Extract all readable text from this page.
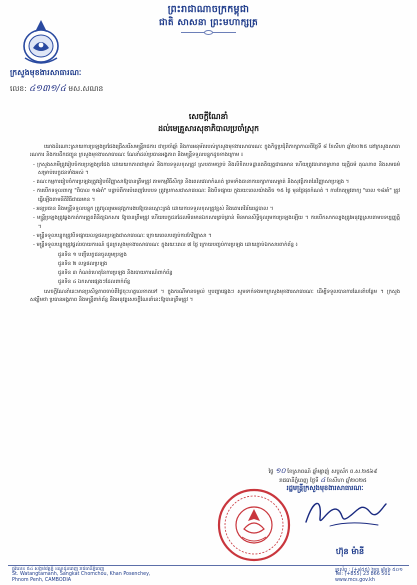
ព្រះរាជាណាចក្រកម្ពុជា
ជាតិ សាសនា ព្រះមហាក្សត្រ
ក្រសួងមុខងារសាធារណៈ
លេខ: ៤១៣១/៤ មស.សណន
សេចក្តីណែនាំ
ដល់មេគ្រួសារសុខាភិបាលប្រចាំស្រុក

យោងដំណោះស្រាយការប្រឡងប្រជែងជ្រើសរើសមន្ត្រីរាជការ ជាប្រចាំឆ្នាំ និងការអនុម័តរបស់ក្រសួងមុខងារសាធារណៈ ក្នុងកិច្ចប្រជុំពិភាក្សាកាលពីថ្ងៃទី ៨ ខែសីហា ឆ្នាំ២០២៥ នៅក្រសួងសាធារណការ និងការដឹកជញ្ជូន ក្រសួងមុខងារសាធារណៈ ណែនាំដល់ប្រធានអង្គភាព និងមន្ត្រីទទួលបន្ទុកដូចខាងក្រោម ៖

- ក្រសួងសាមីត្រូវរៀបចំការប្រឡងប្រជែង ដោយយកភាពជាម្ចាស់ និងការទទួលខុសត្រូវ ស្របតាមច្បាប់ និងលិខិតបទដ្ឋានគតិយុត្តជាធរមាន ហើយត្រូវធានាតម្លាភាព យុត្តិធម៌ គុណភាព និងសមធម៌ សម្រាប់បេក្ខជនទាំងអស់ ។

- គណៈកម្មការរៀបចំការប្រឡងត្រូវរៀបចំវិញ្ញាសាឱ្យបានត្រឹមត្រូវ តាមកម្មវិធីសិក្សា និងពេលវេលាកំណត់ ព្រមទាំងធានាការរក្សាការសម្ងាត់ និងសុវត្ថិភាពនៃវិញ្ញាសាប្រឡង ។

- ការបើកទទួលពាក្យ "ពិបាល ១៨អាំ" បន្ទាប់ពីការបំពេញបែបបទ ត្រូវប្រកាសជាសាធារណៈ និងបិទផ្សាយ ក្នុងរយៈពេលយ៉ាងតិច ១៥ ថ្ងៃ មុនថ្ងៃផុតកំណត់ ។ ការកែតម្រូវពាក្យ "ពេល ១៨អាំ" ត្រូវធ្វើឡើងតាមនីតិវិធីជាធរមាន ។

- អនុប្រធាន និងមន្ត្រីទទួលបន្ទុក ត្រូវចូលរួមអនុវត្តការងារឱ្យបានស្មោះត្រង់ ដោយការទទួលខុសត្រូវខ្ពស់ និងគោរពវិន័យរដ្ឋបាល ។

- មន្ត្រីប្រឡងត្រូវឆ្លងកាត់ការត្រួតពិនិត្យឯកសារ ឱ្យបានត្រឹមត្រូវ ហើយបេក្ខជនដែលមិនមានឯកសារគ្រប់គ្រាន់ មិនមានសិទ្ធិចូលរួមការប្រឡងឡើយ ។ ការបើកសាកល្បងត្រូវអនុវត្តស្របតាមបទប្បញ្ញត្តិ ។

- មន្ត្រីទទួលបន្ទុកត្រូវបិទផ្សាយលទ្ធផលប្រឡងជាសាធារណៈ ក្រោយពេលបញ្ចប់ការកែវិញ្ញាសា ។

- មន្ត្រីទទួលបន្ទុកត្រូវផ្តល់របាយការណ៍ ជូនក្រសួងមុខងារសាធារណៈ ក្នុងរយៈពេល ៧ ថ្ងៃ ក្រោយបញ្ចប់ការប្រឡង ដោយភ្ជាប់ឯកសារពាក់ព័ន្ធ ៖

ជូនទិន ១ បញ្ជីបេក្ខជនចូលរួមប្រឡង

ជូនទិន ២ លទ្ធផលប្រឡង

ជូនទិន ៣ កំណត់ហេតុនៃការប្រឡង និងរបាយការណ៍ពាក់ព័ន្ធ

ជូនទិន ៤ ឯកសារផ្សេងៗដែលពាក់ព័ន្ធ

សេចក្តីណែនាំនេះមានប្រសិទ្ធភាពចាប់ពីថ្ងៃចុះហត្ថលេខាតទៅ ។ ក្នុងករណីមានចម្ងល់ ឬបញ្ហាផ្សេងៗ សូមទាក់ទងមកក្រសួងមុខងារសាធារណៈ ដើម្បីទទួលបានការណែនាំបន្ថែម ។ ក្រសួងសង្ឃឹមថា ប្រធានអង្គភាព និងមន្ត្រីពាក់ព័ន្ធ នឹងអនុវត្តសេចក្តីណែនាំនេះឱ្យបានត្រឹមត្រូវ ។

ថ្ងៃ ១០ ខែស្រាពណ៍ ឆ្នាំម្សាញ់ សប្តស័ក ព.ស.២៥៦៩
រាជធានីភ្នំពេញ ថ្ងៃទី ៤ ខែសីហា ឆ្នាំ២០២៥
រដ្ឋមន្ត្រីក្រសួងមុខងារសាធារណៈ
ហ៊ុន ម៉ានី
ផ្លូវលេខ ៥៤ សង្កាត់វត្តភ្នំ ខណ្ឌដូនពេញ រាជធានីភ្នំពេញ
St. Watangtamanh, Sangkat Chomchou, Khan Posenchey,
Phnom Penh, CAMBODIA
ទូរស័ព្ទ : (+៨៥៥) ២៣ ៨៦៦ ៥០១
Tel: (+855) 23 866 501
www.mcs.gov.kh
